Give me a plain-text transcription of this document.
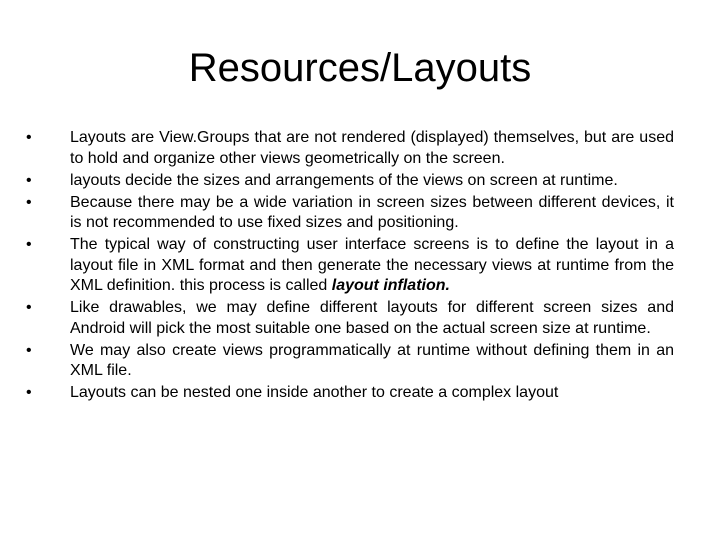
Resources/Layouts
•	Layouts are View.Groups that are not rendered (displayed) themselves, but are used to hold and organize other views geometrically on the screen.
•	layouts decide the sizes and arrangements of the views on screen at runtime.
•	Because there may be a wide variation in screen sizes between different devices, it is not recommended to use fixed sizes and positioning.
•	The typical way of constructing user interface screens is to define the layout in a layout file in XML format and then generate the necessary views at runtime from the XML definition. this process is called layout inflation.
•	Like drawables, we may define different layouts for different screen sizes and Android will pick the most suitable one based on the actual screen size at runtime.
•	We may also create views programmatically at runtime without defining them in an XML file.
•	Layouts can be nested one inside another to create a complex layout
